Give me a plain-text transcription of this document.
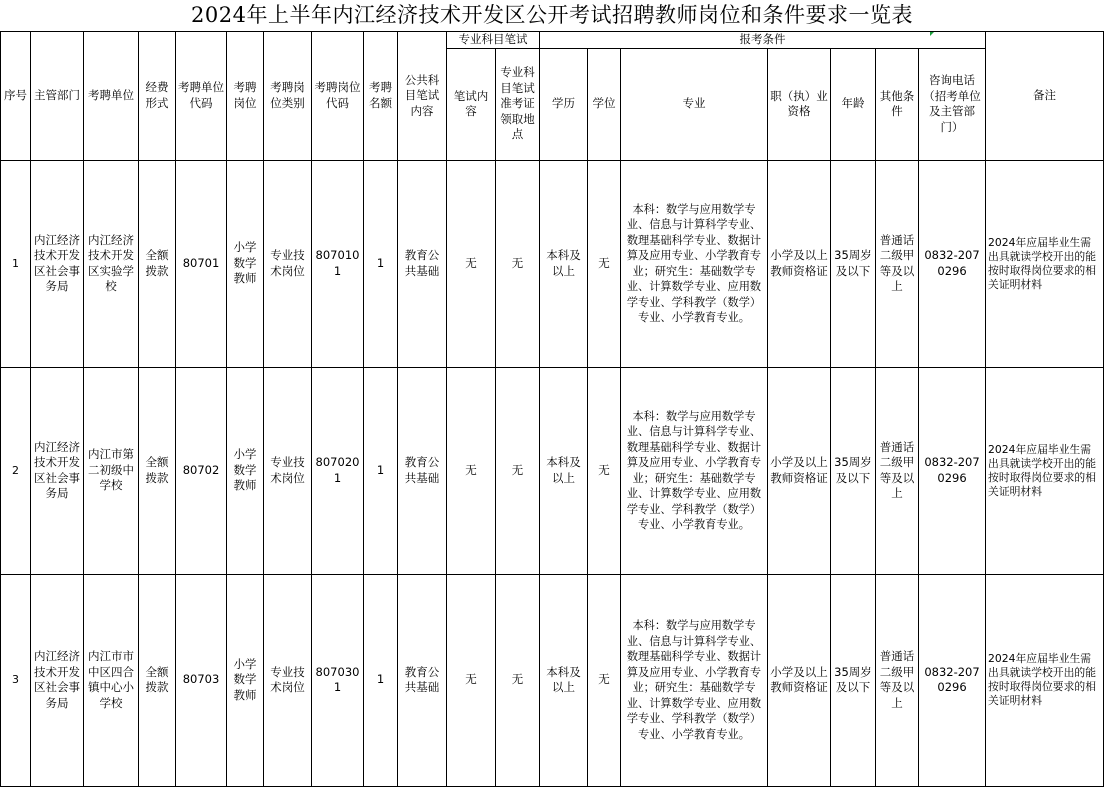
2024年上半年内江经济技术开发区公开考试招聘教师岗位和条件要求一览表
序号	主管部门	考聘单位	经费形式	考聘单位代码	考聘岗位	考聘岗位类别	考聘岗位代码	考聘名额	公共科目笔试内容	专业科目笔试		报考条件							备注
										笔试内容	专业科目笔试准考证领取地点	学历	学位	专业	职（执）业资格	年龄	其他条件	咨询电话（招考单位及主管部门）	
1	内江经济技术开发区社会事务局	内江经济技术开发区实验学校	全额拨款	80701	小学数学教师	专业技术岗位	8070101	1	教育公共基础	无	无	本科及以上	无	本科：数学与应用数学专业、信息与计算科学专业、数理基础科学专业、数据计算及应用专业、小学教育专业；研究生：基础数学专业、计算数学专业、应用数学专业、学科教学（数学）专业、小学教育专业。	小学及以上教师资格证	35周岁及以下	普通话二级甲等及以上	0832-2070296	2024年应届毕业生需出具就读学校开出的能按时取得岗位要求的相关证明材料
2	内江经济技术开发区社会事务局	内江市第二初级中学校	全额拨款	80702	小学数学教师	专业技术岗位	8070201	1	教育公共基础	无	无	本科及以上	无	本科：数学与应用数学专业、信息与计算科学专业、数理基础科学专业、数据计算及应用专业、小学教育专业；研究生：基础数学专业、计算数学专业、应用数学专业、学科教学（数学）专业、小学教育专业。	小学及以上教师资格证	35周岁及以下	普通话二级甲等及以上	0832-2070296	2024年应届毕业生需出具就读学校开出的能按时取得岗位要求的相关证明材料
3	内江经济技术开发区社会事务局	内江市市中区四合镇中心小学校	全额拨款	80703	小学数学教师	专业技术岗位	8070301	1	教育公共基础	无	无	本科及以上	无	本科：数学与应用数学专业、信息与计算科学专业、数理基础科学专业、数据计算及应用专业、小学教育专业；研究生：基础数学专业、计算数学专业、应用数学专业、学科教学（数学）专业、小学教育专业。	小学及以上教师资格证	35周岁及以下	普通话二级甲等及以上	0832-2070296	2024年应届毕业生需出具就读学校开出的能按时取得岗位要求的相关证明材料
